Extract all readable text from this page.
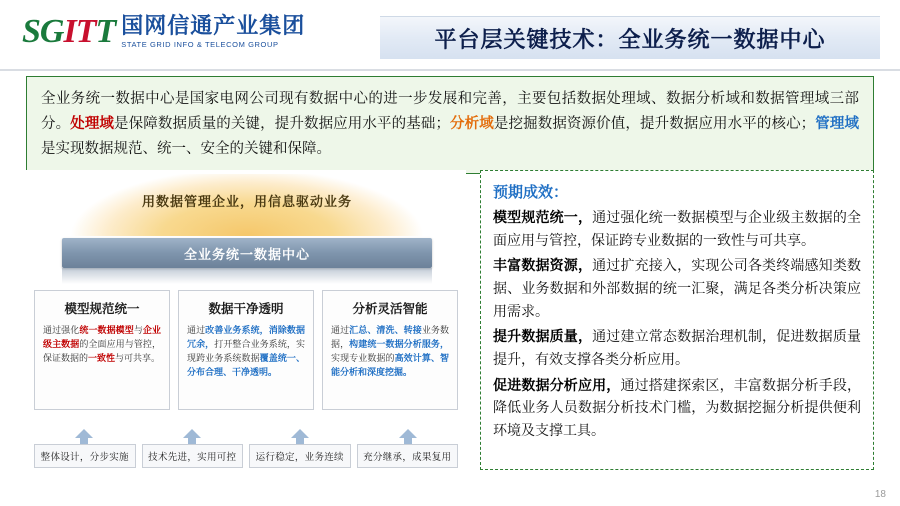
SGITT 国网信通产业集团
STATE GRID INFO & TELECOM GROUP	平台层关键技术：全业务统一数据中心

全业务统一数据中心是国家电网公司现有数据中心的进一步发展和完善，主要包括数据处理域、数据分析域和数据管理域三部分。处理域是保障数据质量的关键，提升数据应用水平的基础；分析域是挖掘数据资源价值，提升数据应用水平的核心；管理域是实现数据规范、统一、安全的关键和保障。

用数据管理企业，用信息驱动业务
全业务统一数据中心
模型规范统一

通过强化统一数据模型与企业级主数据的全面应用与管控，保证数据的一致性与可共享。

数据干净透明

通过改善业务系统，消除数据冗余，打开整合业务系统，实现跨业务系统数据覆盖统一、分布合理、干净透明。

分析灵活智能

通过汇总、清洗、转接业务数据，构建统一数据分析服务，实现专业数据的高效计算、智能分析和深度挖掘。

整体设计，分步实施	技术先进，实用可控	运行稳定，业务连续	充分继承，成果复用
预期成效：

模型规范统一，通过强化统一数据模型与企业级主数据的全面应用与管控，保证跨专业数据的一致性与可共享。

丰富数据资源，通过扩充接入，实现公司各类终端感知类数据、业务数据和外部数据的统一汇聚，满足各类分析决策应用需求。

提升数据质量，通过建立常态数据治理机制，促进数据质量提升，有效支撑各类分析应用。

促进数据分析应用，通过搭建探索区，丰富数据分析手段，降低业务人员数据分析技术门槛，为数据挖掘分析提供便利环境及支撑工具。

18
